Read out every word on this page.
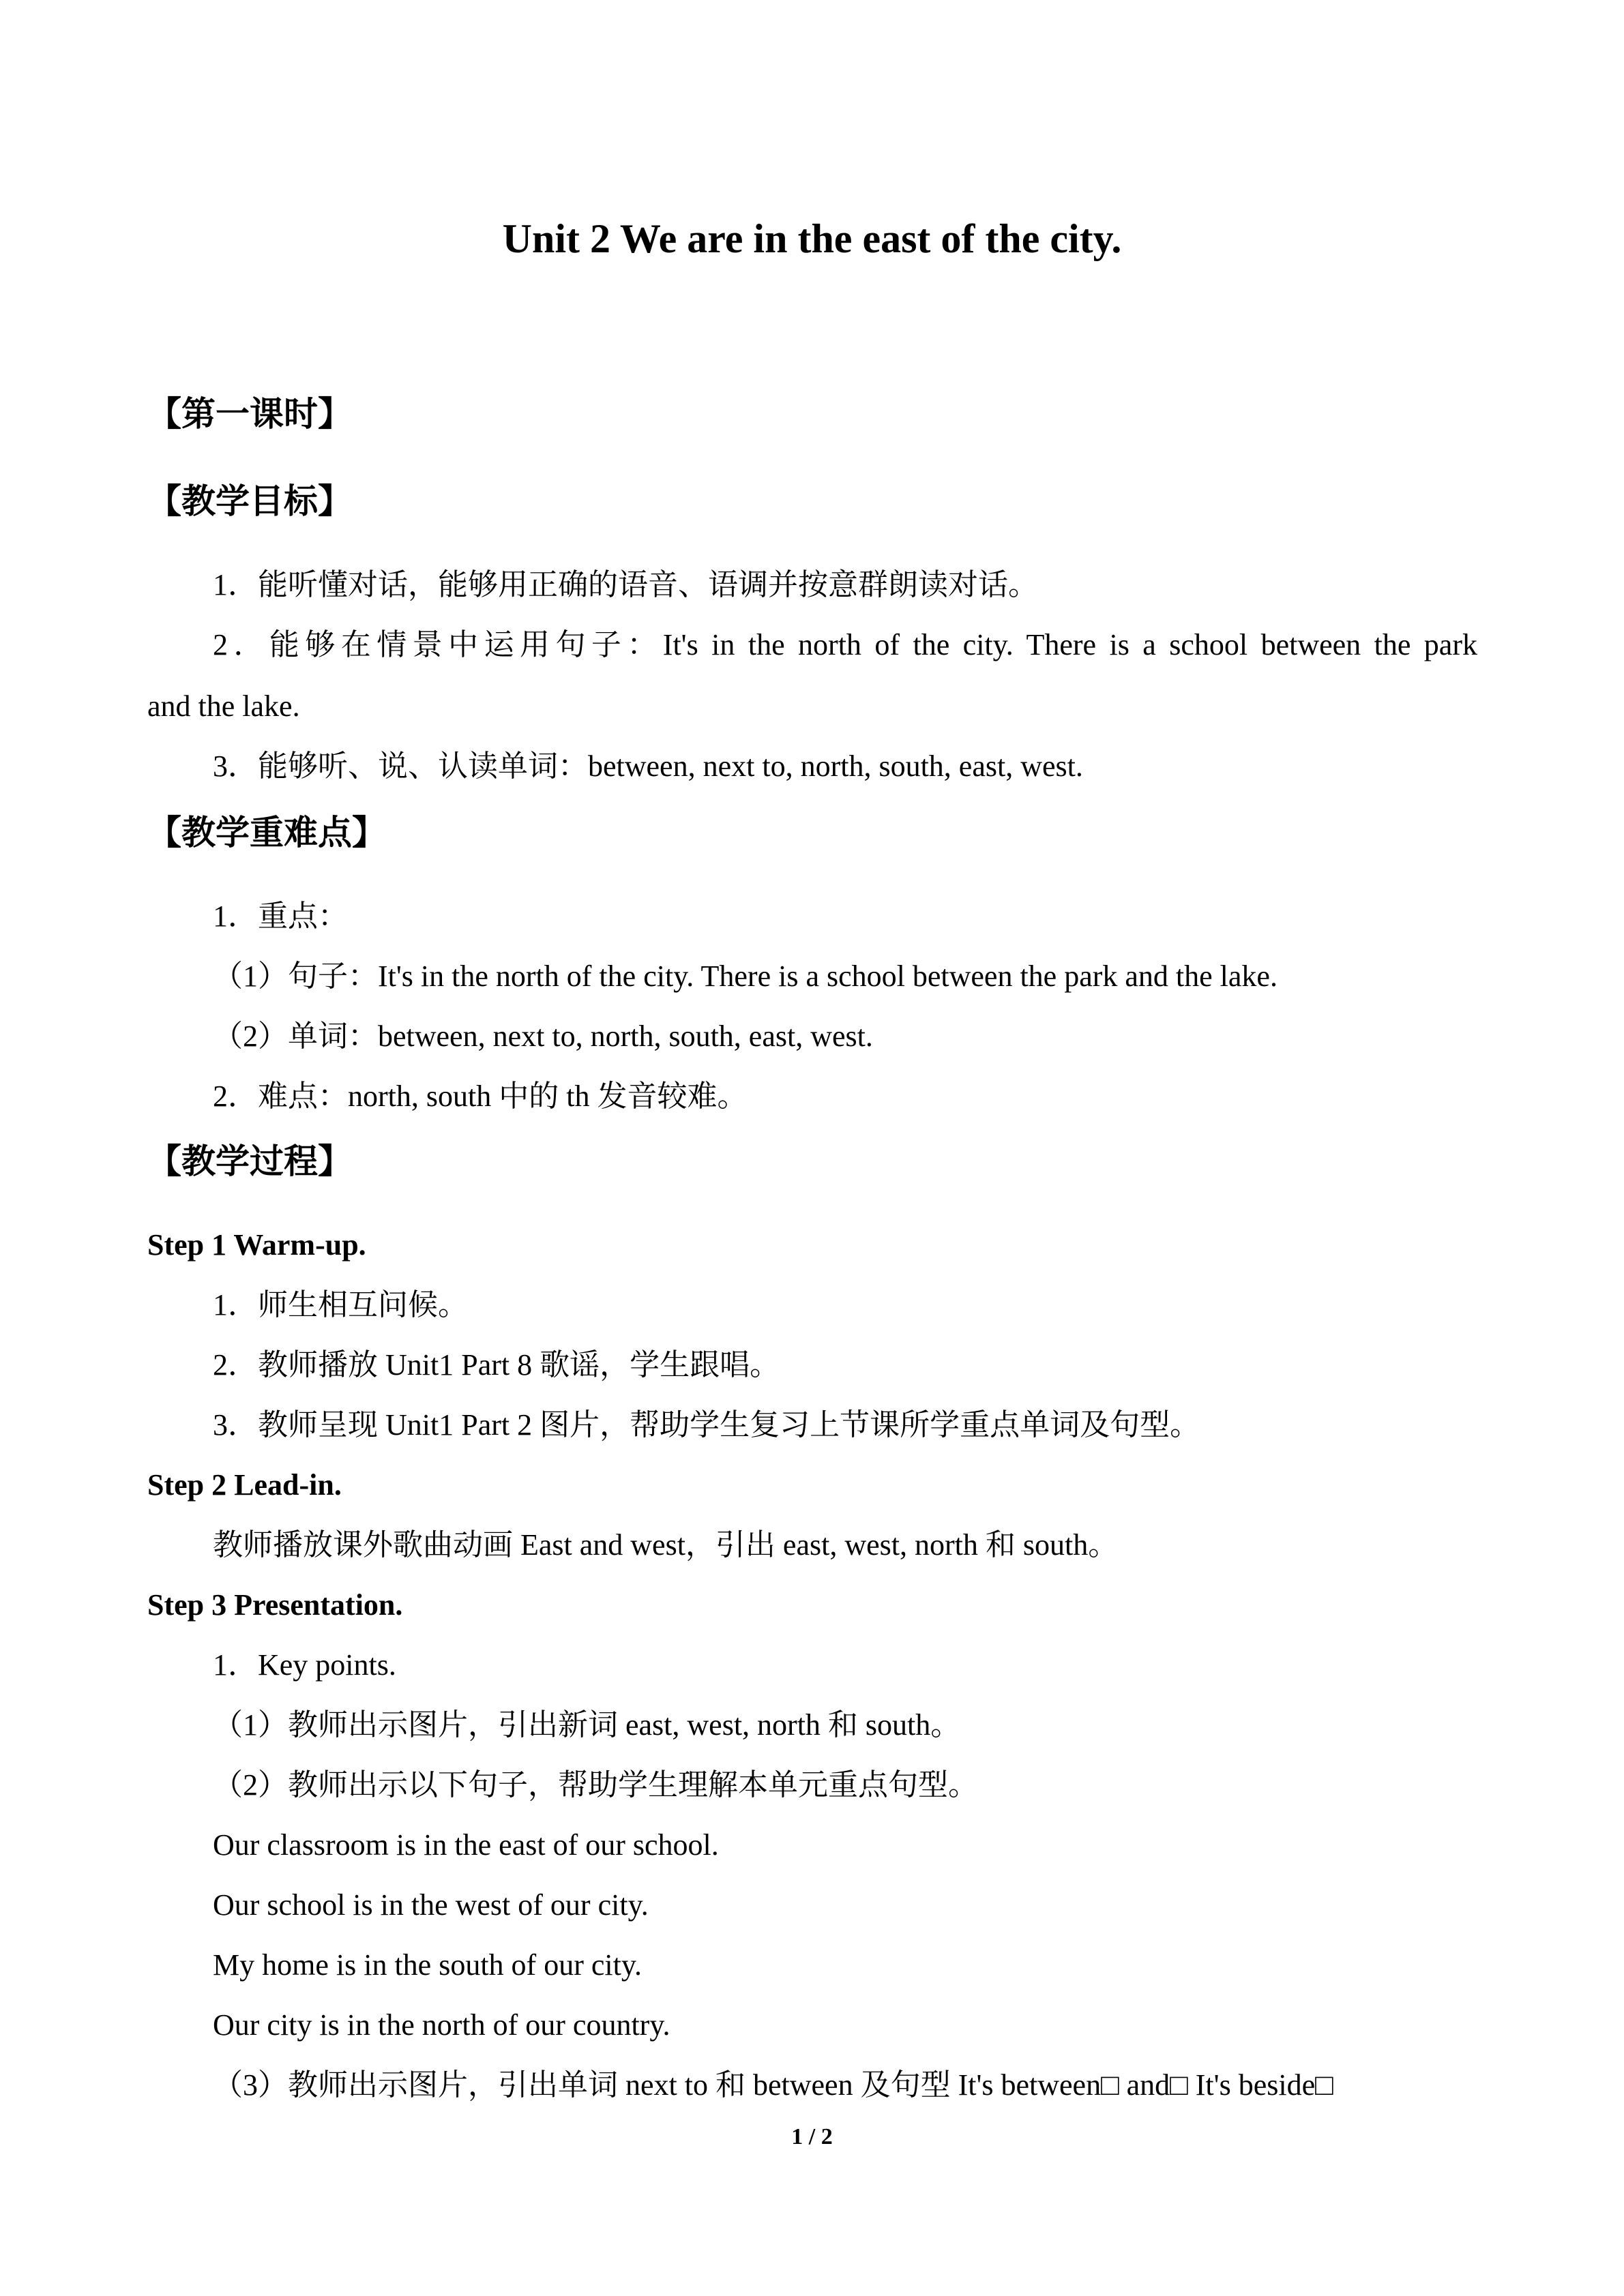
Unit 2 We are in the east of the city.
【第一课时】
【教学目标】
1．能听懂对话，能够用正确的语音、语调并按意群朗读对话。
2．能够在情景中运用句子：It's in the north of the city. There is a school between the park
and the lake.
3．能够听、说、认读单词：between, next to, north, south, east, west.
【教学重难点】
1．重点：
（1）句子：It's in the north of the city. There is a school between the park and the lake.
（2）单词：between, next to, north, south, east, west.
2．难点：north, south 中的 th 发音较难。
【教学过程】
Step 1 Warm-up.
1．师生相互问候。
2．教师播放 Unit1 Part 8 歌谣，学生跟唱。
3．教师呈现 Unit1 Part 2 图片，帮助学生复习上节课所学重点单词及句型。
Step 2 Lead-in.
教师播放课外歌曲动画 East and west，引出 east, west, north 和 south。
Step 3 Presentation.
1．Key points.
（1）教师出示图片，引出新词 east, west, north 和 south。
（2）教师出示以下句子，帮助学生理解本单元重点句型。
Our classroom is in the east of our school.
Our school is in the west of our city.
My home is in the south of our city.
Our city is in the north of our country.
（3）教师出示图片，引出单词 next to 和 between 及句型 It's between□ and□ It's beside□
1 / 2
